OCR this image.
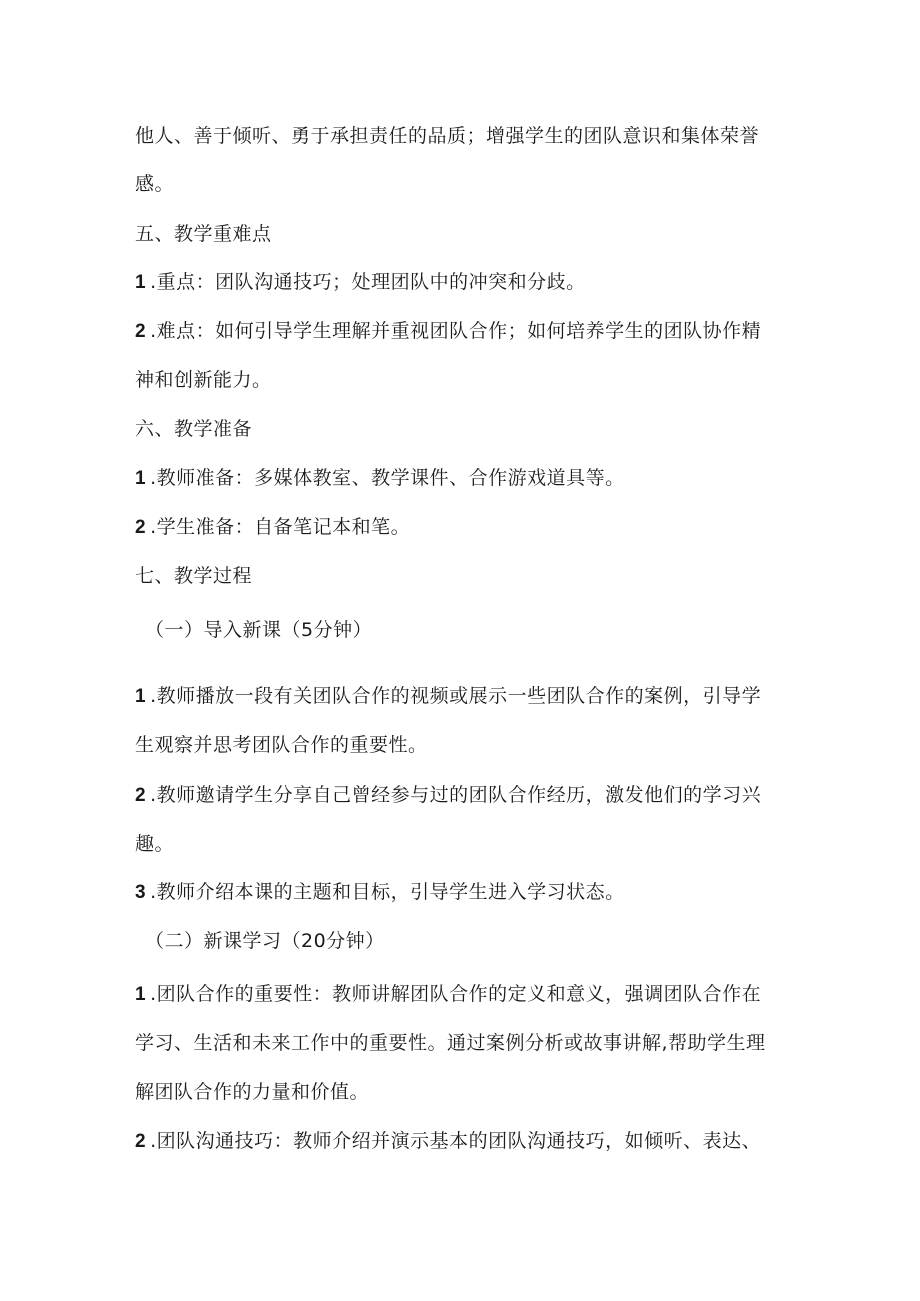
他人、善于倾听、勇于承担责任的品质；增强学生的团队意识和集体荣誉
感。
五、教学重难点
1 .重点：团队沟通技巧；处理团队中的冲突和分歧。
2 .难点：如何引导学生理解并重视团队合作；如何培养学生的团队协作精
神和创新能力。
六、教学准备
1 .教师准备：多媒体教室、教学课件、合作游戏道具等。
2 .学生准备：自备笔记本和笔。
七、教学过程
（一）导入新课（5分钟）
1 .教师播放一段有关团队合作的视频或展示一些团队合作的案例，引导学
生观察并思考团队合作的重要性。
2 .教师邀请学生分享自己曾经参与过的团队合作经历，激发他们的学习兴
趣。
3 .教师介绍本课的主题和目标，引导学生进入学习状态。
（二）新课学习（20分钟）
1 .团队合作的重要性：教师讲解团队合作的定义和意义，强调团队合作在
学习、生活和未来工作中的重要性。通过案例分析或故事讲解,帮助学生理
解团队合作的力量和价值。
2 .团队沟通技巧：教师介绍并演示基本的团队沟通技巧，如倾听、表达、
